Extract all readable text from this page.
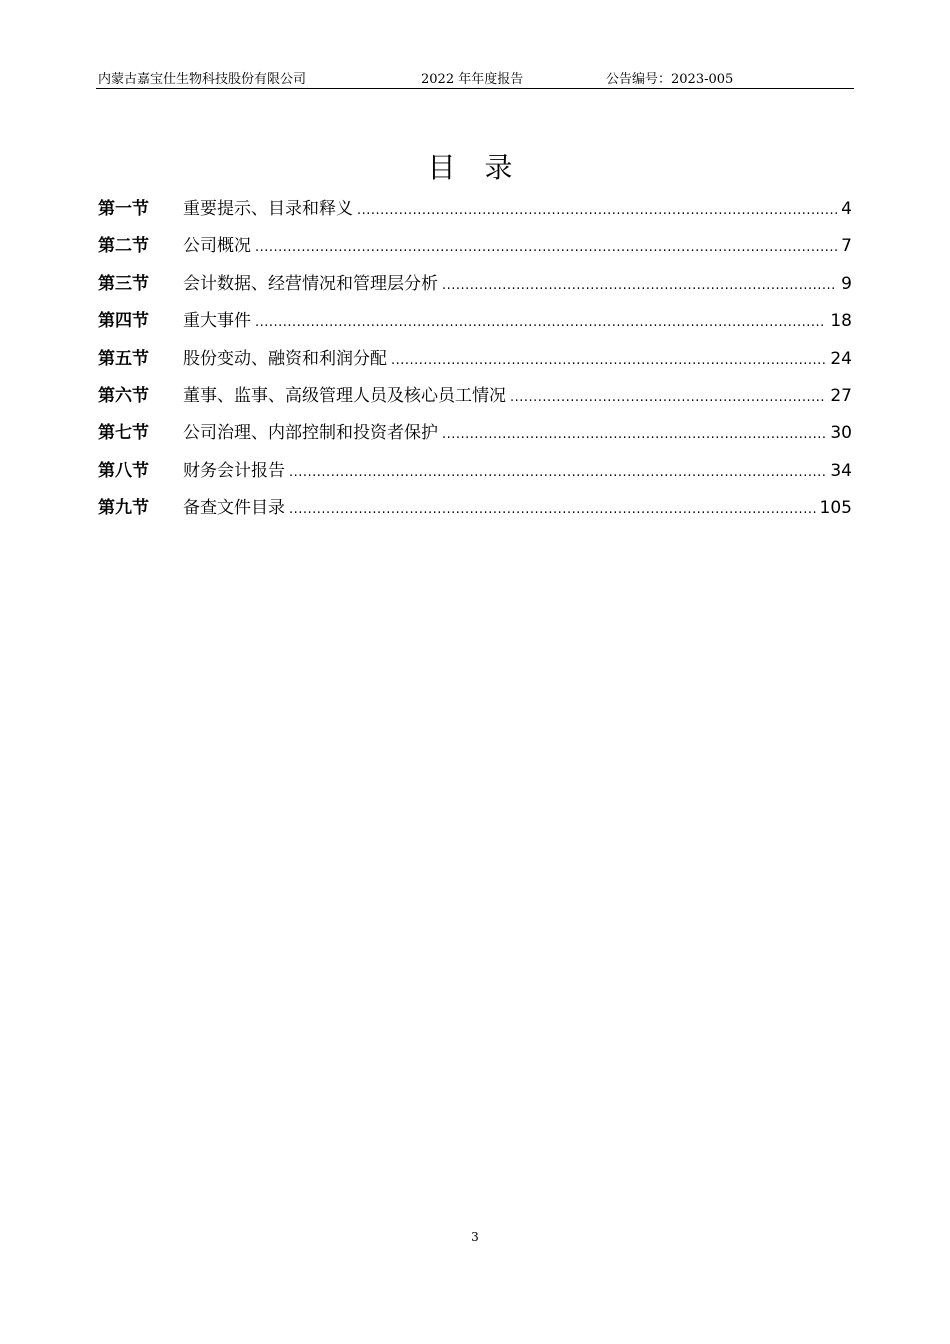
内蒙古嘉宝仕生物科技股份有限公司	2022 年年度报告	公告编号：2023-005
目 录
第一节	重要提示、目录和释义 .....	4
第二节	公司概况 .....	7
第三节	会计数据、经营情况和管理层分析 .....	9
第四节	重大事件 .....	18
第五节	股份变动、融资和利润分配 .....	24
第六节	董事、监事、高级管理人员及核心员工情况 .....	27
第七节	公司治理、内部控制和投资者保护 .....	30
第八节	财务会计报告 .....	34
第九节	备查文件目录 .....	105
3
